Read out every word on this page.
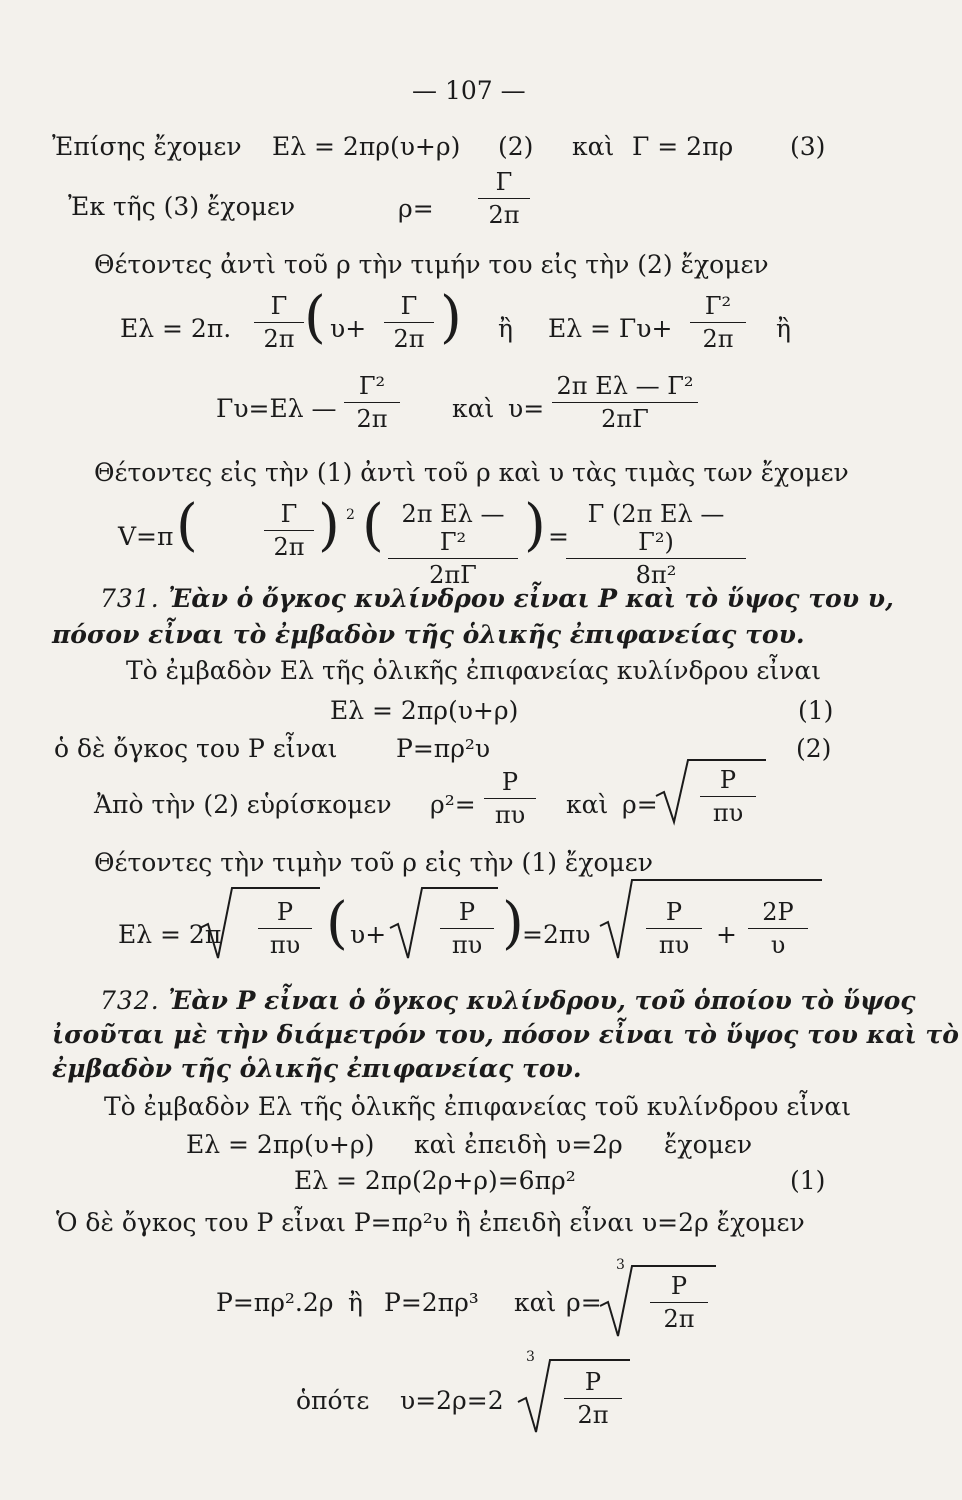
— 107 —
Ἐπίσης ἔχομεν Eλ = 2πρ(υ+ρ) (2) καὶ Γ = 2πρ (3)
Ἐκ τῆς (3) ἔχομεν	ρ=
Γ
2π
Θέτοντες ἀντὶ τοῦ ρ τὴν τιμήν του εἰς τὴν (2) ἔχομεν
Eλ = 2π.
Γ
2π ( υ+
Γ
2π ) ἢ Eλ = Γυ+
Γ²
2π	ἢ
Γυ=Eλ —
Γ²
2π	καὶ υ=
2π Eλ — Γ²
2πΓ
Θέτοντες εἰς τὴν (1) ἀντὶ τοῦ ρ καὶ υ τὰς τιμὰς των ἔχομεν
V=π (	Γ
2π ) 2 ( 2π Eλ — Γ²
2πΓ
) =
Γ (2π Eλ —Γ²)
8π²
731. Ἐὰν ὁ ὄγκος κυλίνδρου εἶναι P καὶ τὸ ὕψος του υ,
πόσον εἶναι τὸ ἐμβαδὸν τῆς ὁλικῆς ἐπιφανείας του.
Τὸ ἐμβαδὸν Eλ τῆς ὁλικῆς ἐπιφανείας κυλίνδρου εἶναι
Eλ = 2πρ(υ+ρ)	(1)
ὁ δὲ ὄγκος του P εἶναι P=πρ²υ	(2)
Ἀπὸ τὴν (2) εὑρίσκομεν ρ²=
P
πυ	καὶ ρ=
P
πυ
Θέτοντες τὴν τιμὴν τοῦ ρ εἰς τὴν (1) ἔχομεν
Eλ = 2π
P
πυ ( υ+
P
πυ )
=2πυ
P
πυ	+
2P
υ
732. Ἐὰν P εἶναι ὁ ὄγκος κυλίνδρου, τοῦ ὁποίου τὸ ὕψος
ἰσοῦται μὲ τὴν διάμετρόν του, πόσον εἶναι τὸ ὕψος του καὶ τὸ
ἐμβαδὸν τῆς ὁλικῆς ἐπιφανείας του.
Τὸ ἐμβαδὸν Eλ τῆς ὁλικῆς ἐπιφανείας τοῦ κυλίνδρου εἶναι
Eλ = 2πρ(υ+ρ) καὶ ἐπειδὴ υ=2ρ ἔχομεν
Eλ = 2πρ(2ρ+ρ)=6πρ²	(1)
Ὁ δὲ ὄγκος του P εἶναι P=πρ²υ ἢ ἐπειδὴ εἶναι υ=2ρ ἔχομεν
P=πρ².2ρ ἢ P=2πρ³ καὶ ρ=
3
P
2π
ὁπότε υ=2ρ=2
3
P
2π
